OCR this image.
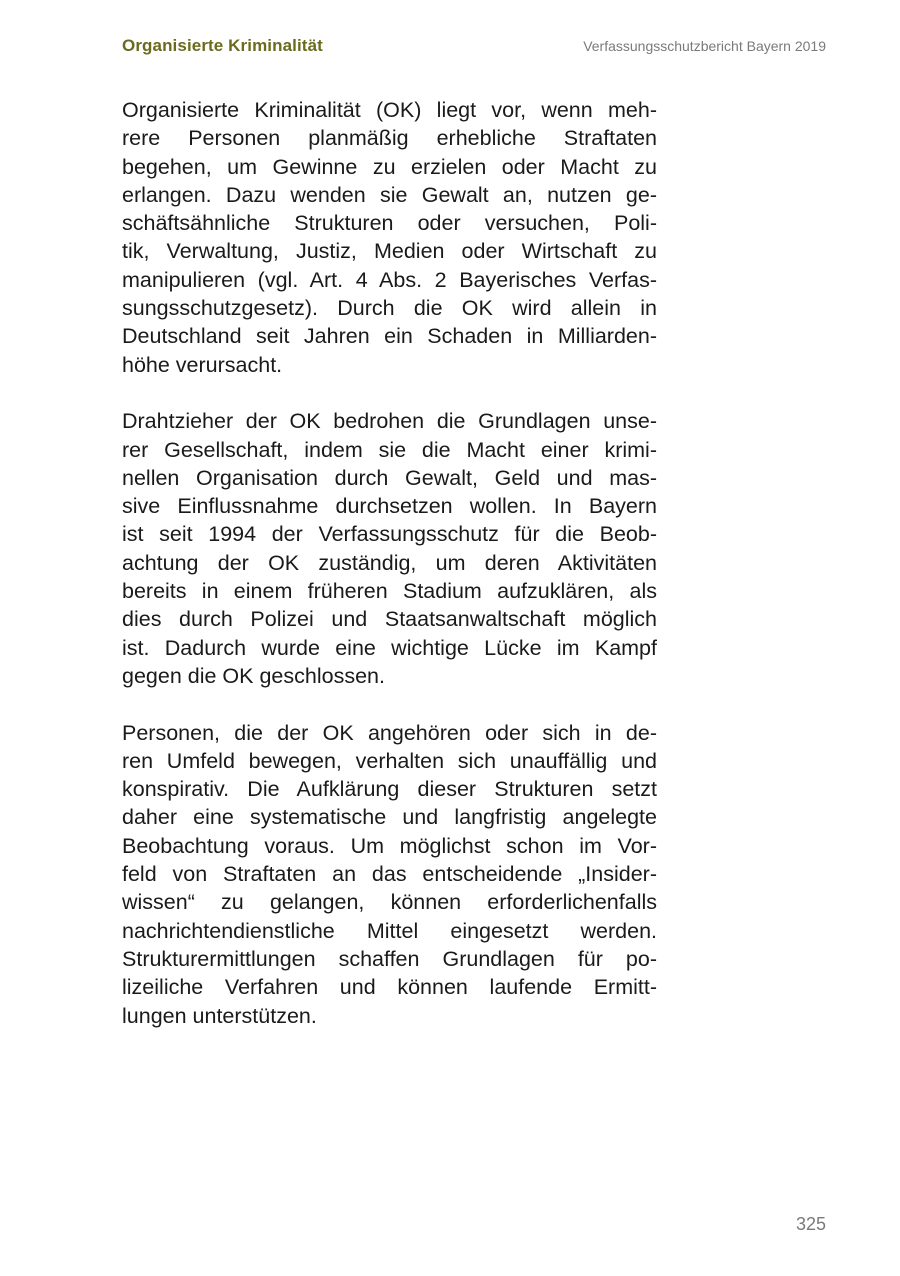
Organisierte Kriminalität	Verfassungsschutzbericht Bayern 2019
Organisierte Kriminalität (OK) liegt vor, wenn meh-
rere Personen planmäßig erhebliche Straftaten
begehen, um Gewinne zu erzielen oder Macht zu
erlangen. Dazu wenden sie Gewalt an, nutzen ge-
schäftsähnliche Strukturen oder versuchen, Poli-
tik, Verwaltung, Justiz, Medien oder Wirtschaft zu
manipulieren (vgl. Art. 4 Abs. 2 Bayerisches Verfas-
sungsschutzgesetz). Durch die OK wird allein in
Deutschland seit Jahren ein Schaden in Milliarden-
höhe verursacht.
Drahtzieher der OK bedrohen die Grundlagen unse-
rer Gesellschaft, indem sie die Macht einer krimi-
nellen Organisation durch Gewalt, Geld und mas-
sive Einflussnahme durchsetzen wollen. In Bayern
ist seit 1994 der Verfassungsschutz für die Beob-
achtung der OK zuständig, um deren Aktivitäten
bereits in einem früheren Stadium aufzuklären, als
dies durch Polizei und Staatsanwaltschaft möglich
ist. Dadurch wurde eine wichtige Lücke im Kampf
gegen die OK geschlossen.
Personen, die der OK angehören oder sich in de-
ren Umfeld bewegen, verhalten sich unauffällig und
konspirativ. Die Aufklärung dieser Strukturen setzt
daher eine systematische und langfristig angelegte
Beobachtung voraus. Um möglichst schon im Vor-
feld von Straftaten an das entscheidende „Insider-
wissen“ zu gelangen, können erforderlichenfalls
nachrichtendienstliche Mittel eingesetzt werden.
Strukturermittlungen schaffen Grundlagen für po-
lizeiliche Verfahren und können laufende Ermitt-
lungen unterstützen.
325
